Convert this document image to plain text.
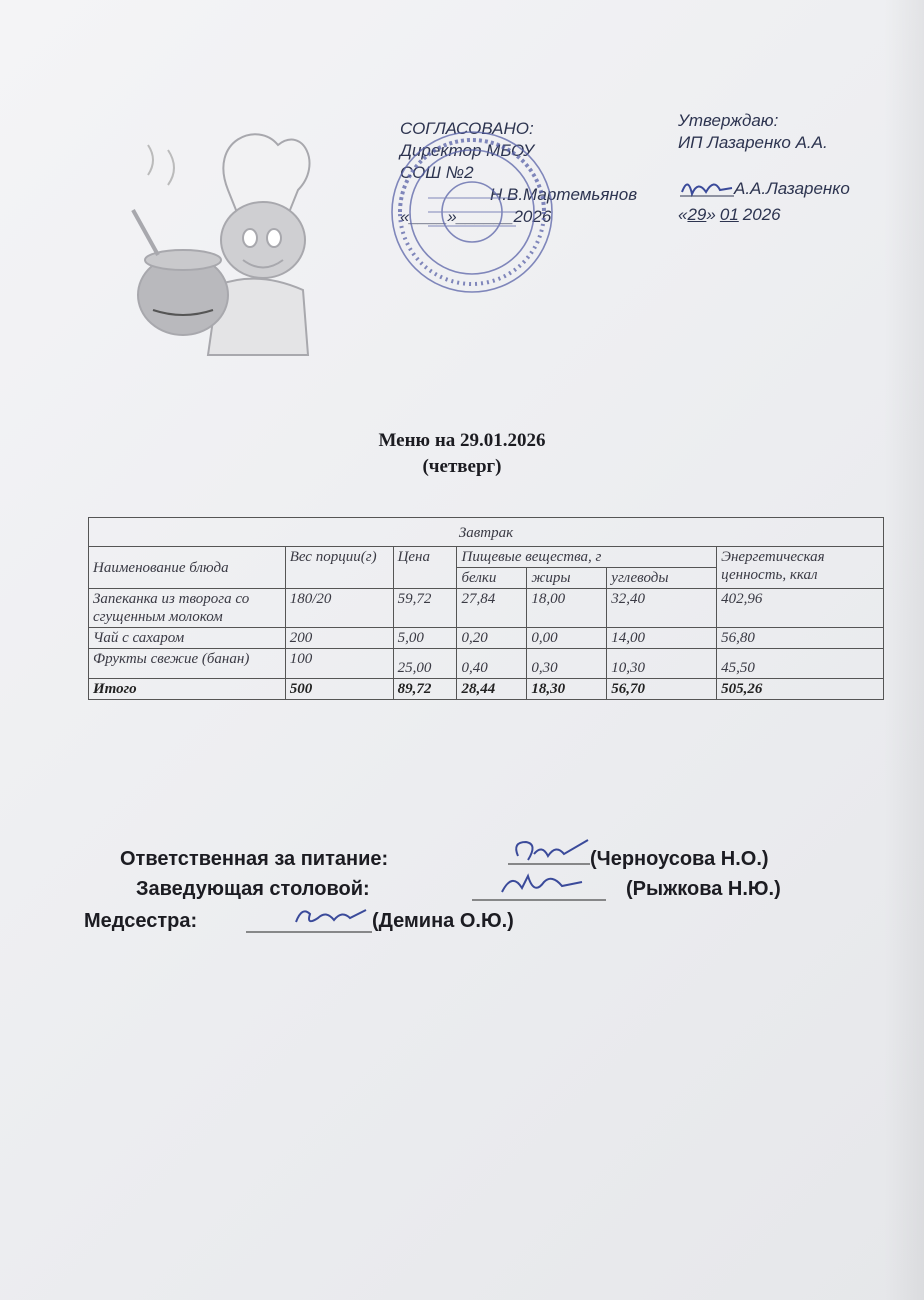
СОГЛАСОВАНО:
Директор МБОУ
СОШ №2
Н.В.Мартемьянов
«____»______2026
Утверждаю:
ИП Лазаренко А.А.
А.А.Лазаренко
«29» 01 2026
Меню на 29.01.2026
(четверг)
Завтрак						
Наименование блюда	Вес порции(г)	Цена	Пищевые вещества, г			Энергетическая ценность, ккал
			белки	жиры	углеводы	
Запеканка из творога со сгущенным молоком	180/20	59,72	27,84	18,00	32,40	402,96
Чай с сахаром	200	5,00	0,20	0,00	14,00	56,80
Фрукты свежие (банан)	100	25,00	0,40	0,30	10,30	45,50
Итого	500	89,72	28,44	18,30	56,70	505,26
Ответственная за питание:	(Черноусова Н.О.)
Заведующая столовой:	(Рыжкова Н.Ю.)
Медсестра:	(Демина О.Ю.)
